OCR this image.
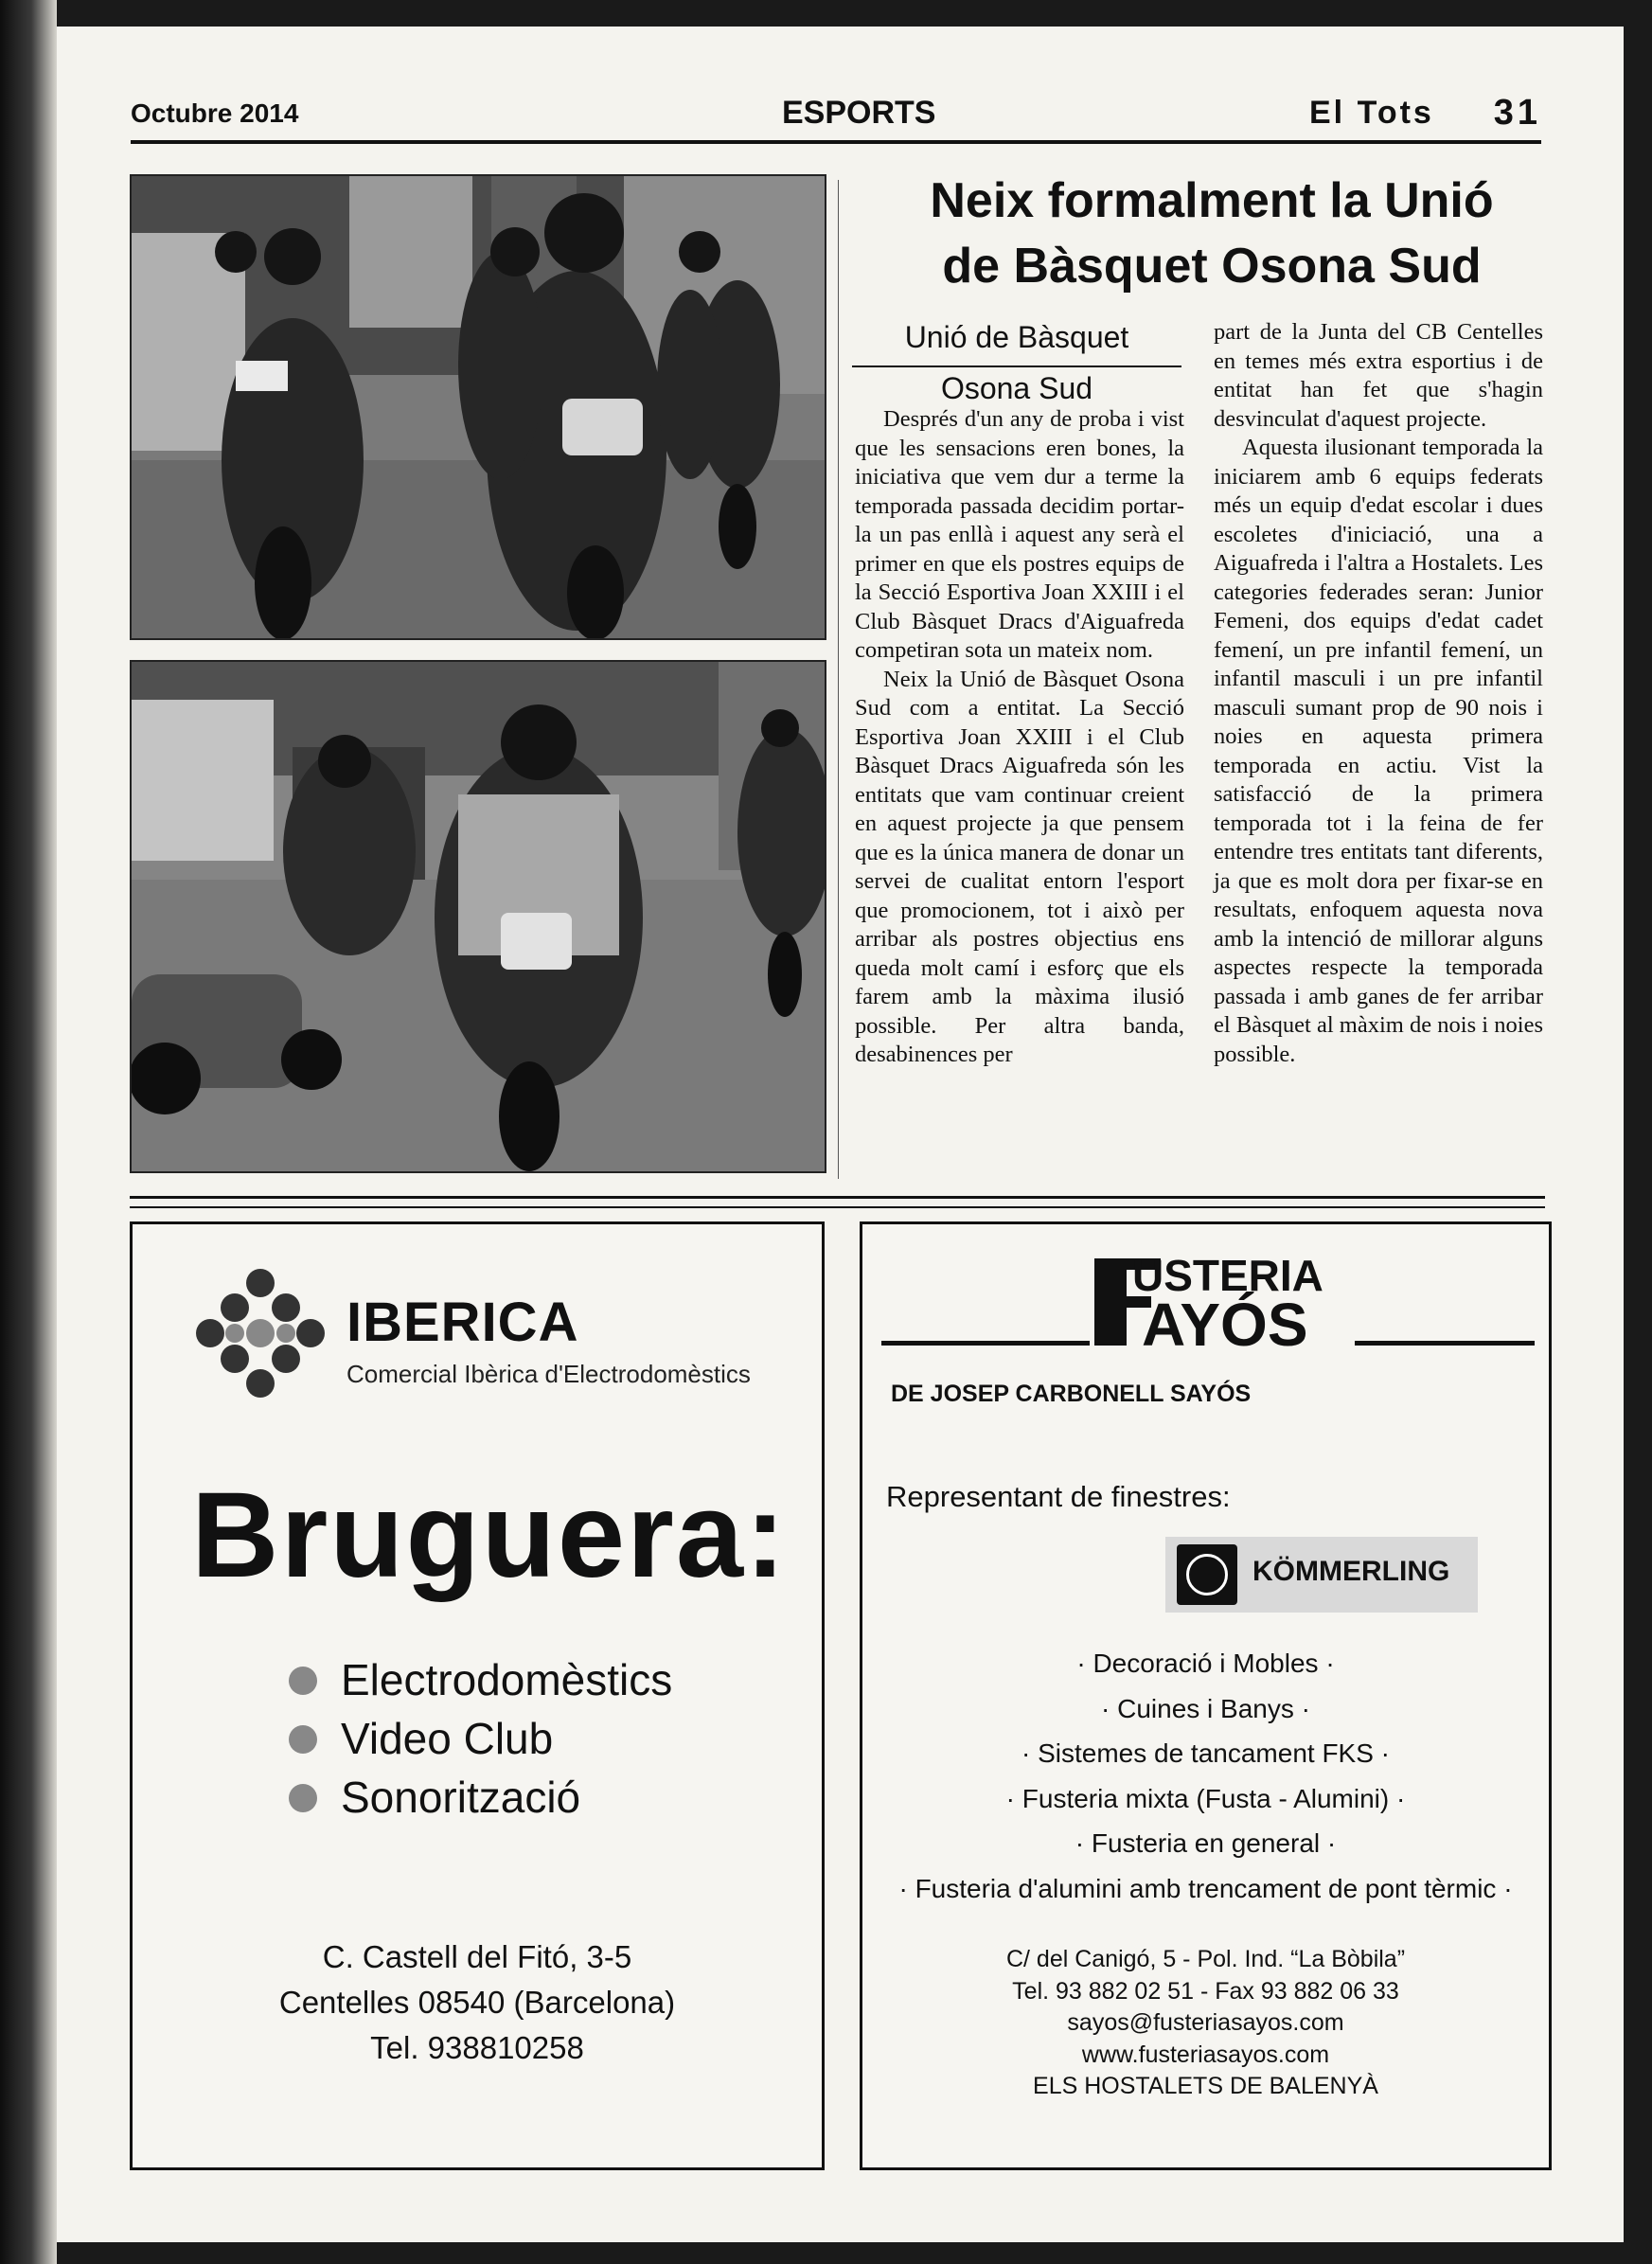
Octubre 2014	ESPORTS	El Tots 31
Neix formalment la Unió
de Bàsquet Osona Sud
Unió de Bàsquet
Osona Sud

Després d'un any de proba i vist que les sensacions eren bones, la iniciativa que vem dur a terme la temporada passada decidim portar-la un pas enllà i aquest any serà el primer en que els postres equips de la Secció Esportiva Joan XXIII i el Club Bàsquet Dracs d'Aiguafreda competiran sota un mateix nom.

Neix la Unió de Bàsquet Osona Sud com a entitat. La Secció Esportiva Joan XXIII i el Club Bàsquet Dracs Aiguafreda són les entitats que vam continuar creient en aquest projecte ja que pensem que es la única manera de donar un servei de cualitat entorn l'esport que promocionem, tot i això per arribar als postres objectius ens queda molt camí i esforç que els farem amb la màxima ilusió possible. Per altra banda, desabinences per

part de la Junta del CB Centelles en temes més extra esportius i de entitat han fet que s'hagin desvinculat d'aquest projecte.

Aquesta ilusionant temporada la iniciarem amb 6 equips federats més un equip d'edat escolar i dues escoletes d'iniciació, una a Aiguafreda i l'altra a Hostalets. Les categories federades seran: Junior Femeni, dos equips d'edat cadet femení, un pre infantil femení, un infantil masculi i un pre infantil masculi sumant prop de 90 nois i noies en aquesta primera temporada en actiu. Vist la satisfacció de la primera temporada tot i la feina de fer entendre tres entitats tant diferents, ja que es molt dora per fixar-se en resultats, enfoquem aquesta nova amb la intenció de millorar alguns aspectes respecte la temporada passada i amb ganes de fer arribar el Bàsquet al màxim de nois i noies possible.

IBERICA
Comercial Ibèrica d'Electrodomèstics
Bruguera:
Electrodomèstics
Video Club
Sonorització
C. Castell del Fitó, 3-5
Centelles 08540 (Barcelona)
Tel. 938810258
USTERIA
AYÓS
DE JOSEP CARBONELL SAYÓS
Representant de finestres:
KÖMMERLING
· Decoració i Mobles ·
· Cuines i Banys ·
· Sistemes de tancament FKS ·
· Fusteria mixta (Fusta - Alumini) ·
· Fusteria en general ·
· Fusteria d'alumini amb trencament de pont tèrmic ·
C/ del Canigó, 5 - Pol. Ind. “La Bòbila”
Tel. 93 882 02 51 - Fax 93 882 06 33
sayos@fusteriasayos.com
www.fusteriasayos.com
ELS HOSTALETS DE BALENYÀ
